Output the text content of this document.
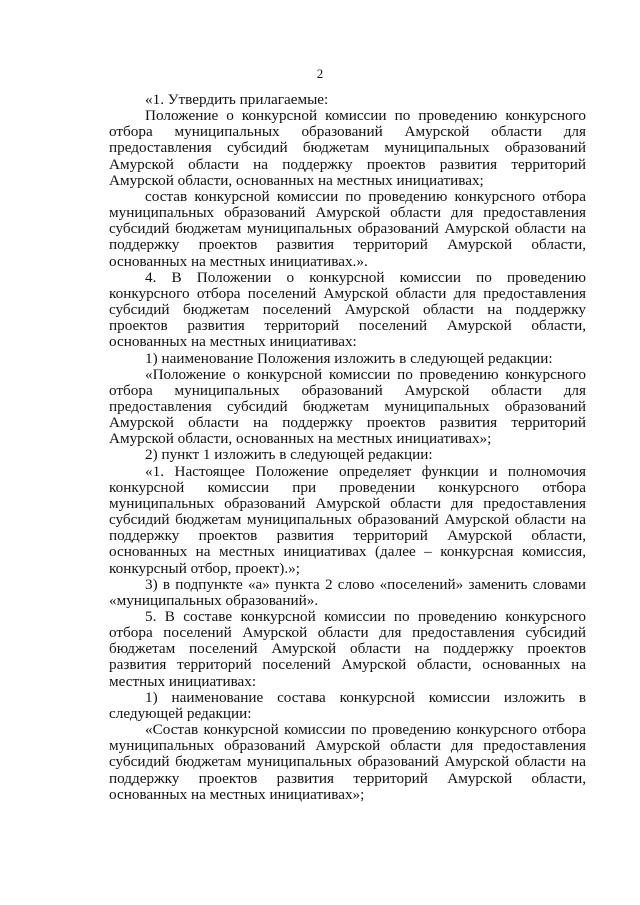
2

«1. Утвердить прилагаемые:

Положение о конкурсной комиссии по проведению конкурсного отбора муниципальных образований Амурской области для предоставления субсидий бюджетам муниципальных образований Амурской области на поддержку проектов развития территорий Амурской области, основанных на местных инициативах;

состав конкурсной комиссии по проведению конкурсного отбора муниципальных образований Амурской области для предоставления субсидий бюджетам муниципальных образований Амурской области на поддержку проектов развития территорий Амурской области, основанных на местных инициативах.».

4. В Положении о конкурсной комиссии по проведению конкурсного отбора поселений Амурской области для предоставления субсидий бюджетам поселений Амурской области на поддержку проектов развития территорий поселений Амурской области, основанных на местных инициативах:

1) наименование Положения изложить в следующей редакции:

«Положение о конкурсной комиссии по проведению конкурсного отбора муниципальных образований Амурской области для предоставления субсидий бюджетам муниципальных образований Амурской области на поддержку проектов развития территорий Амурской области, основанных на местных инициативах»;

2) пункт 1 изложить в следующей редакции:

«1. Настоящее Положение определяет функции и полномочия конкурсной комиссии при проведении конкурсного отбора муниципальных образований Амурской области для предоставления субсидий бюджетам муниципальных образований Амурской области на поддержку проектов развития территорий Амурской области, основанных на местных инициативах (далее – конкурсная комиссия, конкурсный отбор, проект).»;

3) в подпункте «а» пункта 2 слово «поселений» заменить словами «муниципальных образований».

5. В составе конкурсной комиссии по проведению конкурсного отбора поселений Амурской области для предоставления субсидий бюджетам поселений Амурской области на поддержку проектов развития территорий поселений Амурской области, основанных на местных инициативах:

1) наименование состава конкурсной комиссии изложить в следующей редакции:

«Состав конкурсной комиссии по проведению конкурсного отбора муниципальных образований Амурской области для предоставления субсидий бюджетам муниципальных образований Амурской области на поддержку проектов развития территорий Амурской области, основанных на местных инициативах»;
